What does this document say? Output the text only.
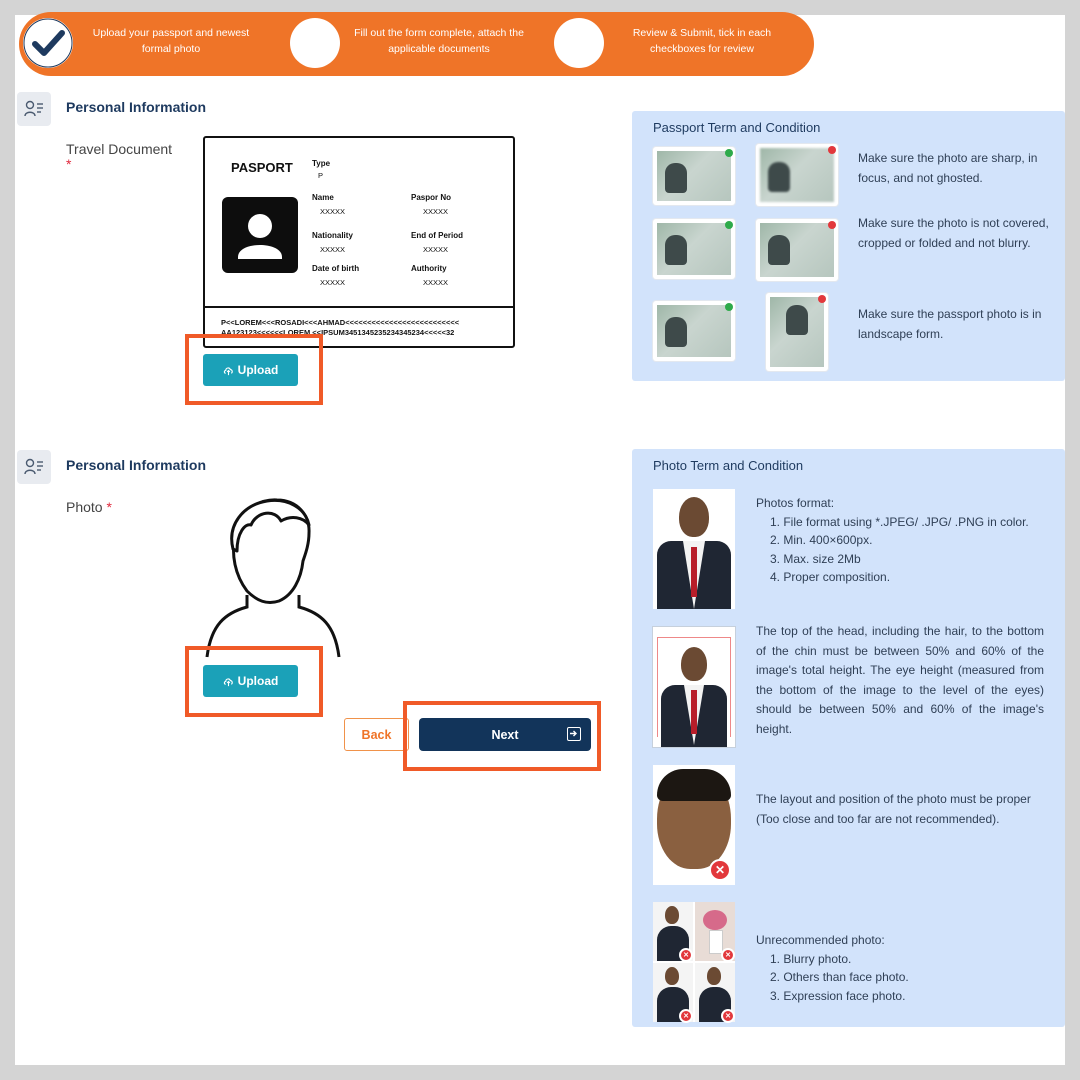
Upload your passport and newest formal photo
Fill out the form complete, attach the applicable documents
Review & Submit, tick in each checkboxes for review
Personal Information
Travel Document
*	PASPORT Type
P
Name
XXXXX
Paspor No
XXXXX
Nationality
XXXXX
End of Period
XXXXX
Date of birth
XXXXX
Authority
XXXXX
P<<LOREM<<<ROSADI<<<AHMAD<<<<<<<<<<<<<<<<<<<<<<<<<<
AA123123<<<<<<LOREM <<IPSUM3451345235234345234<<<<<32
Upload
Passport Term and Condition
Make sure the photo are sharp, in focus, and not ghosted.
Make sure the photo is not covered, cropped or folded and not blurry.
Make sure the passport photo is in landscape form.
Personal Information
Photo *
Upload
Back	Next
Photo Term and Condition
Photos format:
1. File format using *.JPEG/ .JPG/ .PNG in color.
2. Min. 400×600px.
3. Max. size 2Mb
4. Proper composition.
The top of the head, including the hair, to the bottom of the chin must be between 50% and 60% of the image's total height. The eye height (measured from the bottom of the image to the level of the eyes) should be between 50% and 60% of the image's height.
✕
The layout and position of the photo must be proper (Too close and too far are not recommended).
✕	✕
✕	✕
Unrecommended photo:
1. Blurry photo.
2. Others than face photo.
3. Expression face photo.
